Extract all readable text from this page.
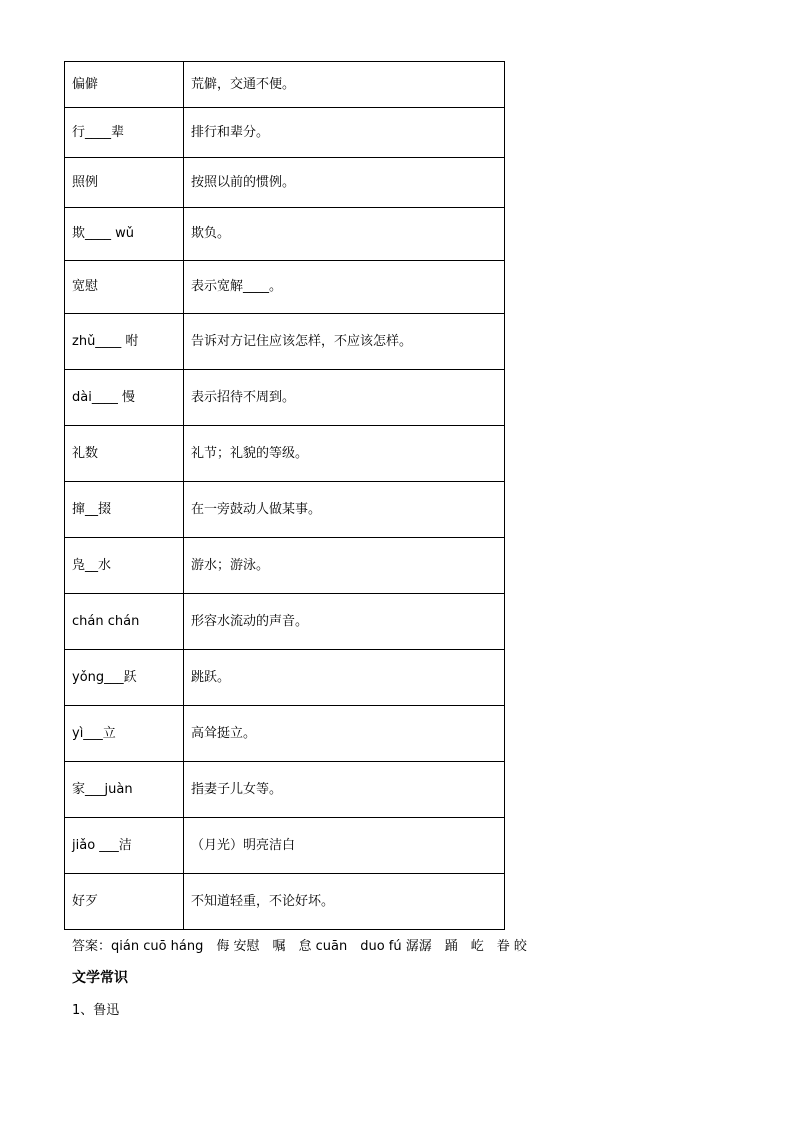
偏僻	荒僻，交通不便。
行____辈	排行和辈分。
照例	按照以前的惯例。
欺____ wǔ	欺负。
宽慰	表示宽解____。
zhǔ____ 咐	告诉对方记住应该怎样，不应该怎样。
dài____ 慢	表示招待不周到。
礼数	礼节；礼貌的等级。
撺__掇	在一旁鼓动人做某事。
凫__水	游水；游泳。
chán chán	形容水流动的声音。
yǒng___跃	跳跃。
yì___立	高耸挺立。
家___juàn	指妻子儿女等。
jiǎo ___洁	（月光）明亮洁白
好歹	不知道轻重，不论好坏。
答案：qián cuō háng　侮 安慰　嘱　怠 cuān　duo fú 潺潺　踊　屹　眷 皎
文学常识
1、鲁迅
